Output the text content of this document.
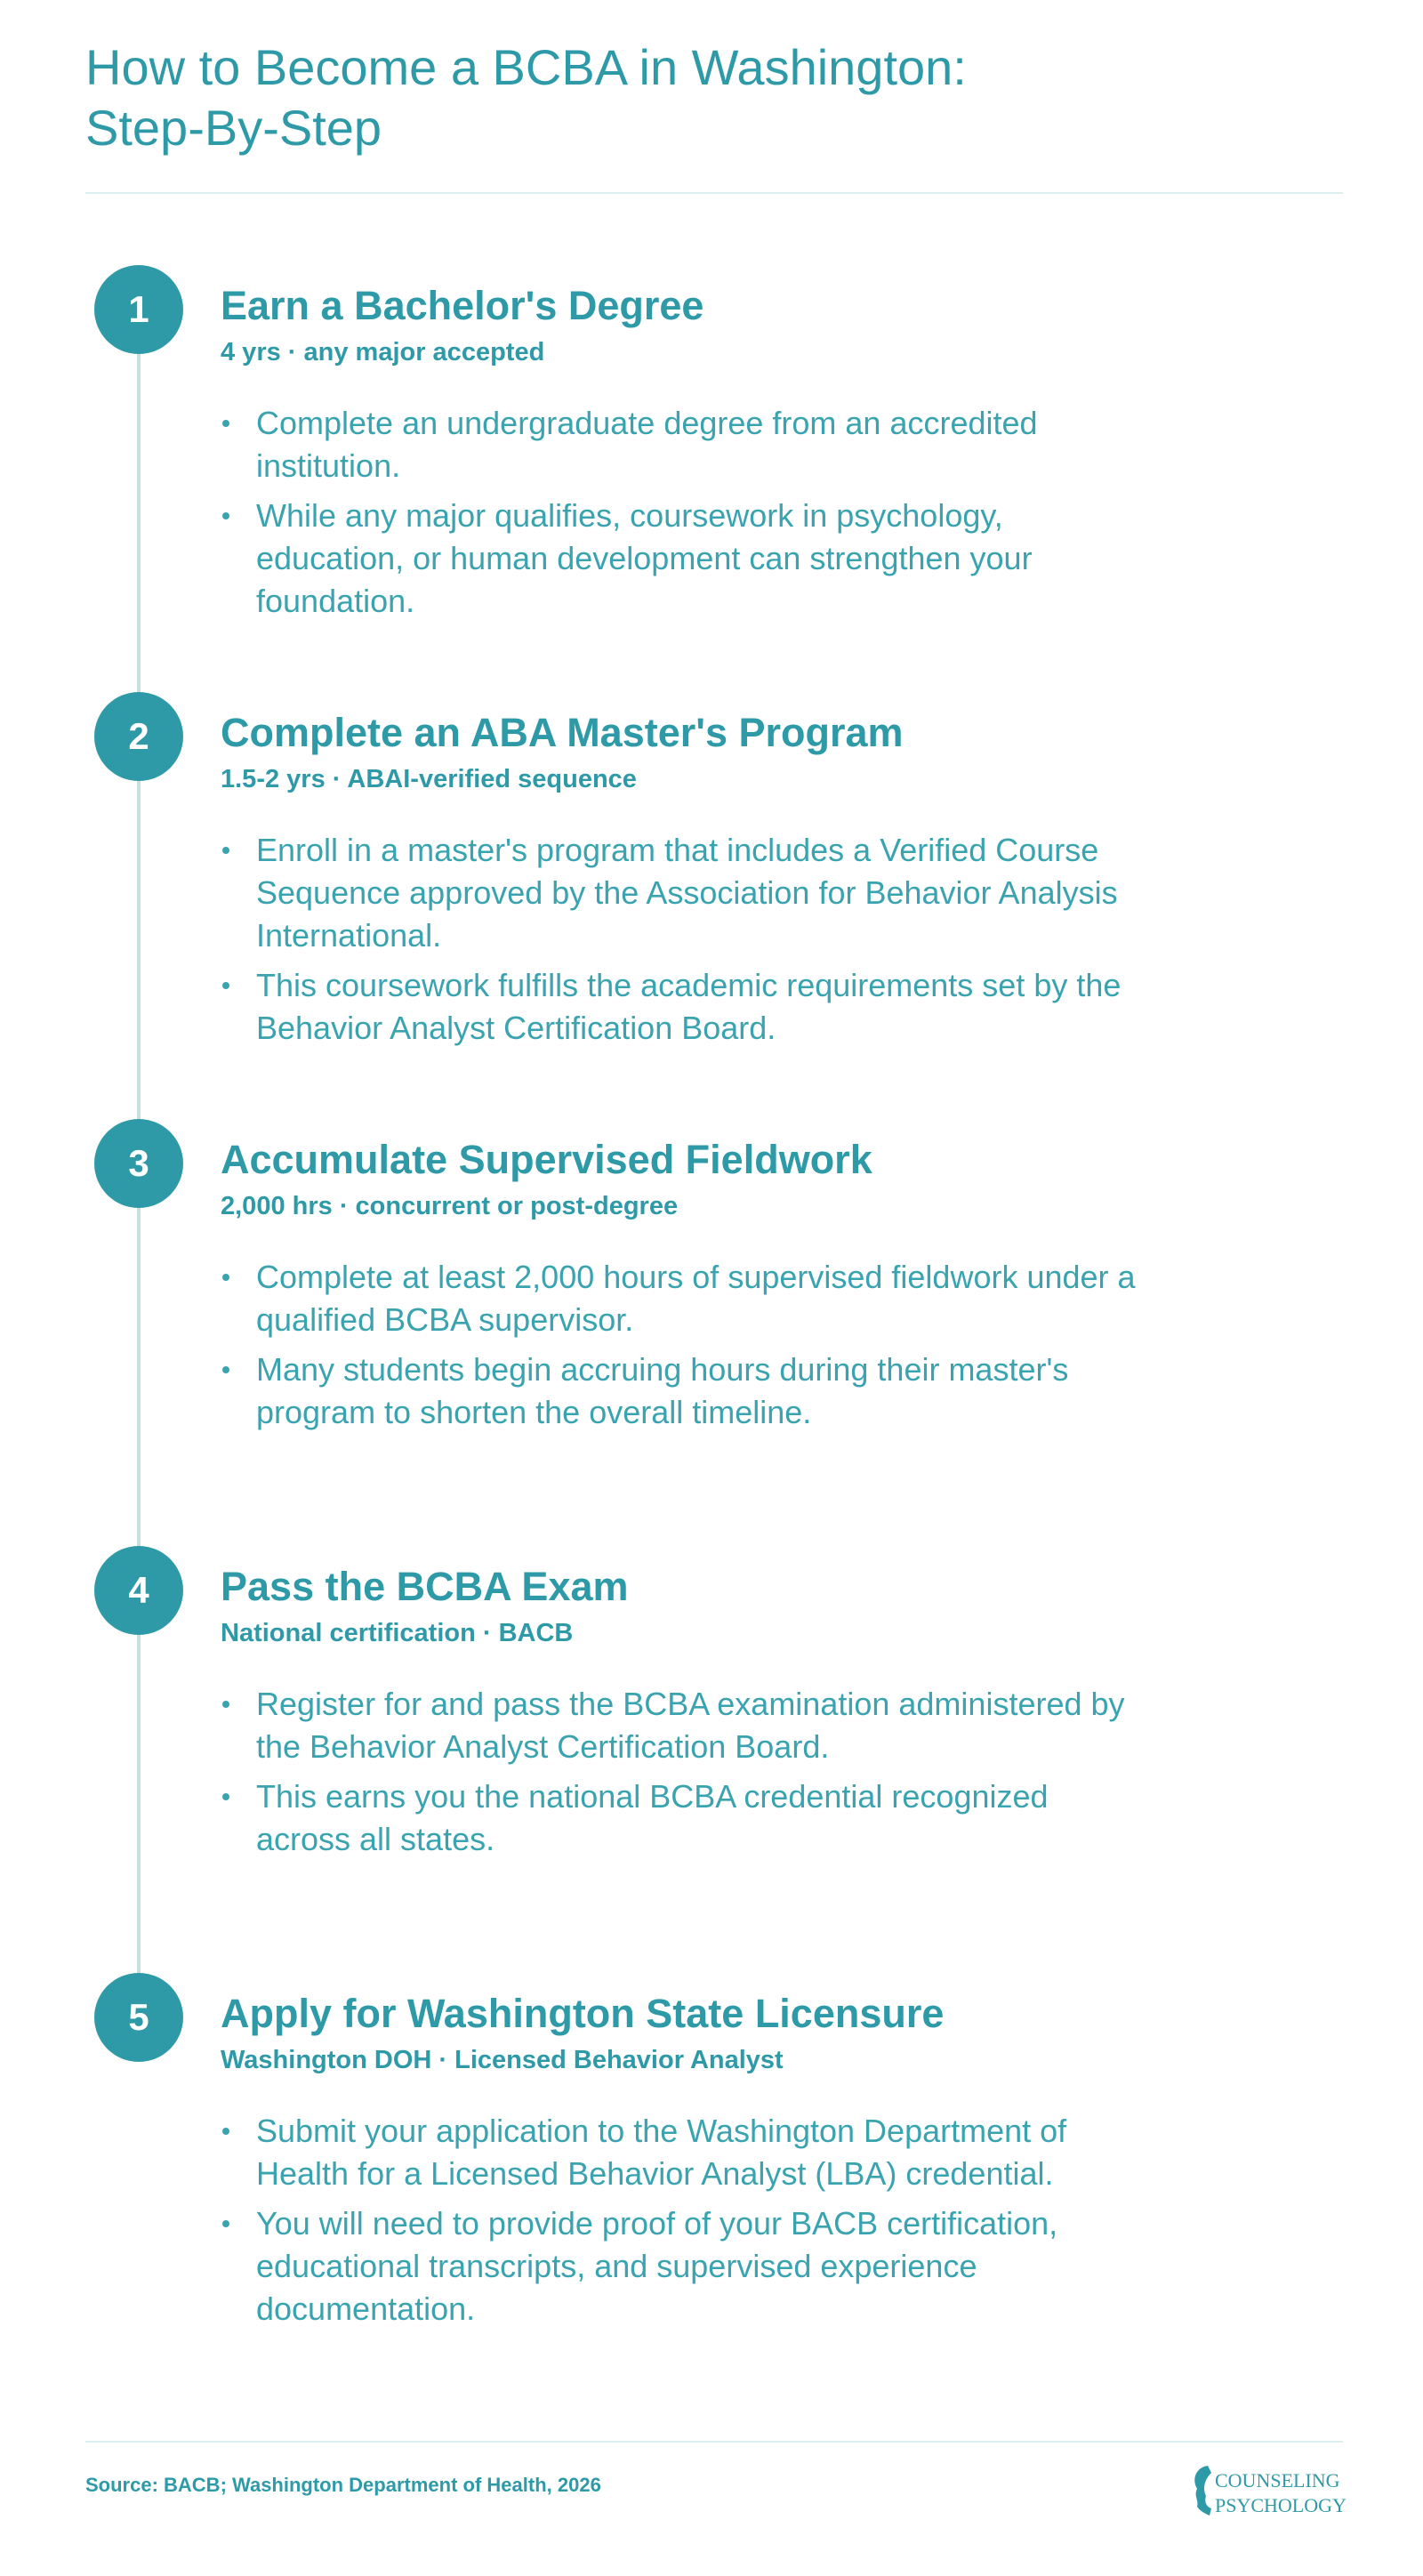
How to Become a BCBA in Washington:
Step-By-Step
1	Earn a Bachelor's Degree

4 yrs · any major accepted

Complete an undergraduate degree from an accredited institution.
While any major qualifies, coursework in psychology, education, or human development can strengthen your foundation.
2	Complete an ABA Master's Program

1.5-2 yrs · ABAI-verified sequence

Enroll in a master's program that includes a Verified Course Sequence approved by the Association for Behavior Analysis International.
This coursework fulfills the academic requirements set by the Behavior Analyst Certification Board.
3	Accumulate Supervised Fieldwork

2,000 hrs · concurrent or post-degree

Complete at least 2,000 hours of supervised fieldwork under a qualified BCBA supervisor.
Many students begin accruing hours during their master's program to shorten the overall timeline.
4	Pass the BCBA Exam

National certification · BACB

Register for and pass the BCBA examination administered by the Behavior Analyst Certification Board.
This earns you the national BCBA credential recognized across all states.
5	Apply for Washington State Licensure

Washington DOH · Licensed Behavior Analyst

Submit your application to the Washington Department of Health for a Licensed Behavior Analyst (LBA) credential.
You will need to provide proof of your BACB certification, educational transcripts, and supervised experience documentation.
Source: BACB; Washington Department of Health, 2026	COUNSELING
PSYCHOLOGY
